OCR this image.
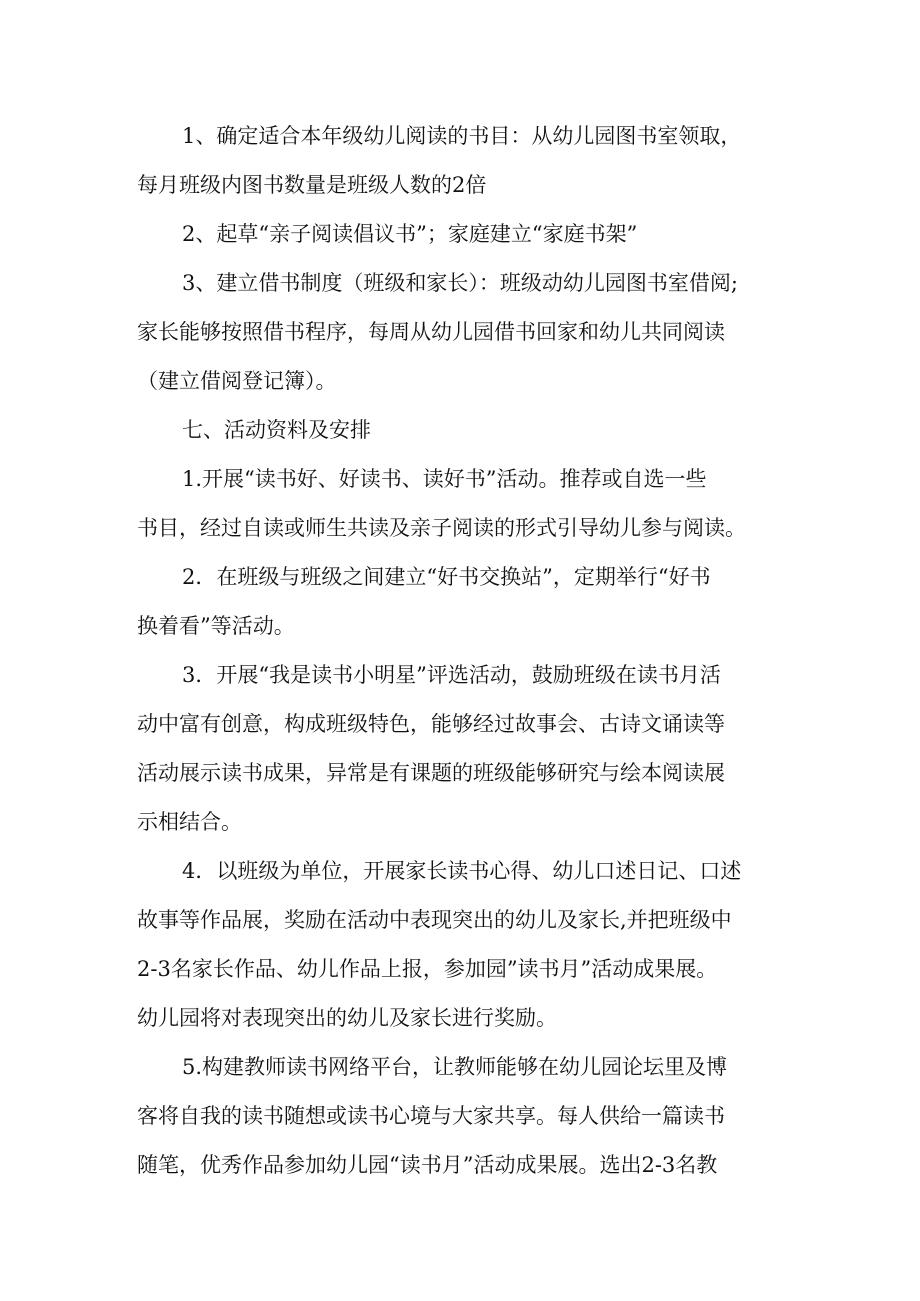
1、确定适合本年级幼儿阅读的书目：从幼儿园图书室领取，
每月班级内图书数量是班级人数的2倍
2、起草“亲子阅读倡议书”；家庭建立“家庭书架”
3、建立借书制度（班级和家长）：班级动幼儿园图书室借阅;
家长能够按照借书程序，每周从幼儿园借书回家和幼儿共同阅读
（建立借阅登记簿）。
七、活动资料及安排
1.开展“读书好、好读书、读好书”活动。推荐或自选一些
书目，经过自读或师生共读及亲子阅读的形式引导幼儿参与阅读。
2．在班级与班级之间建立“好书交换站”，定期举行“好书
换着看”等活动。
3．开展“我是读书小明星”评选活动，鼓励班级在读书月活
动中富有创意，构成班级特色，能够经过故事会、古诗文诵读等
活动展示读书成果，异常是有课题的班级能够研究与绘本阅读展
示相结合。
4．以班级为单位，开展家长读书心得、幼儿口述日记、口述
故事等作品展，奖励在活动中表现突出的幼儿及家长,并把班级中
2-3名家长作品、幼儿作品上报，参加园”读书月”活动成果展。
幼儿园将对表现突出的幼儿及家长进行奖励。
5.构建教师读书网络平台，让教师能够在幼儿园论坛里及博
客将自我的读书随想或读书心境与大家共享。每人供给一篇读书
随笔，优秀作品参加幼儿园“读书月”活动成果展。选出2-3名教
